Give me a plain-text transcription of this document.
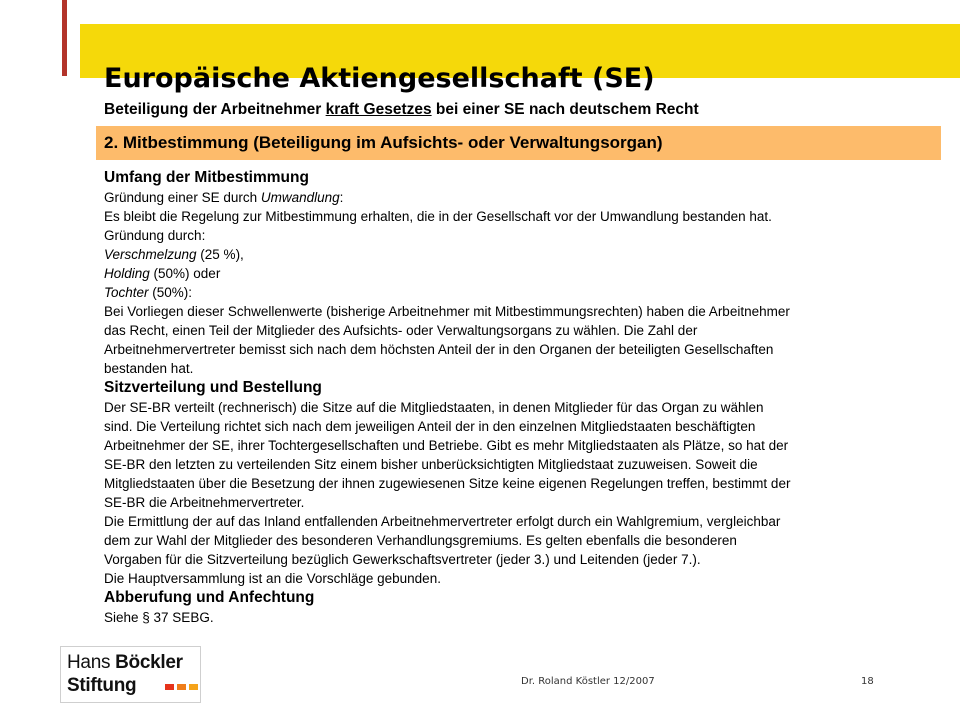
Europäische Aktiengesellschaft (SE)

Beteiligung der Arbeitnehmer kraft Gesetzes bei einer SE nach deutschem Recht

2. Mitbestimmung (Beteiligung im Aufsichts- oder Verwaltungsorgan)

Umfang der Mitbestimmung

Gründung einer SE durch Umwandlung:

Es bleibt die Regelung zur Mitbestimmung erhalten, die in der Gesellschaft vor der Umwandlung bestanden hat.

Gründung durch:

Verschmelzung (25 %),

Holding (50%) oder

Tochter (50%):

Bei Vorliegen dieser Schwellenwerte (bisherige Arbeitnehmer mit Mitbestimmungsrechten) haben die Arbeitnehmer

das Recht, einen Teil der Mitglieder des Aufsichts- oder Verwaltungsorgans zu wählen. Die Zahl der

Arbeitnehmervertreter bemisst sich nach dem höchsten Anteil der in den Organen der beteiligten Gesellschaften

bestanden hat.

Sitzverteilung und Bestellung

Der SE-BR verteilt (rechnerisch) die Sitze auf die Mitgliedstaaten, in denen Mitglieder für das Organ zu wählen

sind. Die Verteilung richtet sich nach dem jeweiligen Anteil der in den einzelnen Mitgliedstaaten beschäftigten

Arbeitnehmer der SE, ihrer Tochtergesellschaften und Betriebe. Gibt es mehr Mitgliedstaaten als Plätze, so hat der

SE-BR den letzten zu verteilenden Sitz einem bisher unberücksichtigten Mitgliedstaat zuzuweisen. Soweit die

Mitgliedstaaten über die Besetzung der ihnen zugewiesenen Sitze keine eigenen Regelungen treffen, bestimmt der

SE-BR die Arbeitnehmervertreter.

Die Ermittlung der auf das Inland entfallenden Arbeitnehmervertreter erfolgt durch ein Wahlgremium, vergleichbar

dem zur Wahl der Mitglieder des besonderen Verhandlungsgremiums. Es gelten ebenfalls die besonderen

Vorgaben für die Sitzverteilung bezüglich Gewerkschaftsvertreter (jeder 3.) und Leitenden (jeder 7.).

Die Hauptversammlung ist an die Vorschläge gebunden.

Abberufung und Anfechtung

Siehe § 37 SEBG.

Hans Böckler
Stiftung	Dr. Roland Köstler 12/2007	18
